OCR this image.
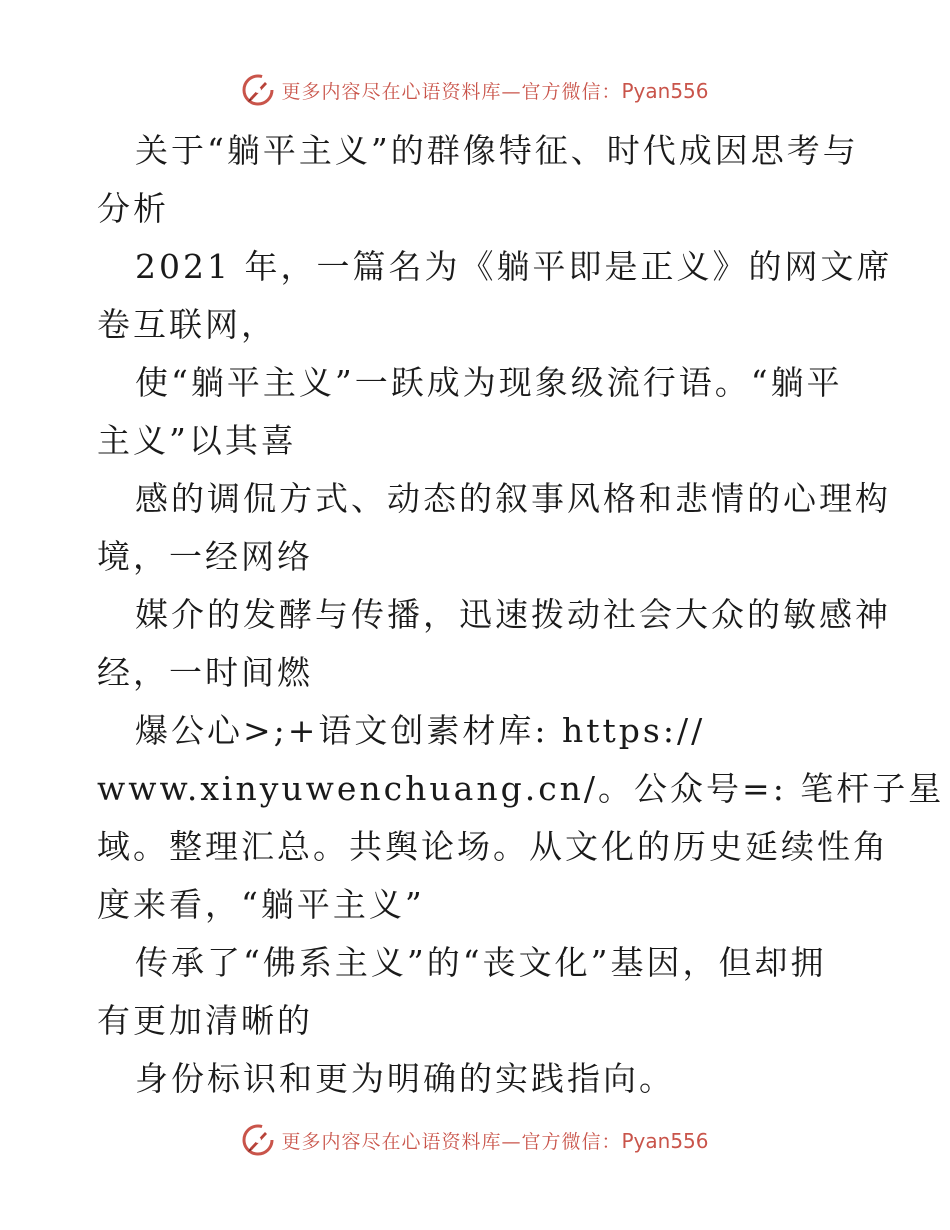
更多内容尽在心语资料库—官方微信：Pyan556
关于“躺平主义”的群像特征、时代成因思考与
分析
2021 年，一篇名为《躺平即是正义》的网文席
卷互联网，
使“躺平主义”一跃成为现象级流行语。“躺平
主义”以其喜
感的调侃方式、动态的叙事风格和悲情的心理构
境，一经网络
媒介的发酵与传播，迅速拨动社会大众的敏感神
经，一时间燃
爆公心>;+语文创素材库: https://
www.xinyuwenchuang.cn/。公众号=: 笔杆子星
域。整理汇总。共舆论场。从文化的历史延续性角
度来看，“躺平主义”
传承了“佛系主义”的“丧文化”基因，但却拥
有更加清晰的
身份标识和更为明确的实践指向。
更多内容尽在心语资料库—官方微信：Pyan556
